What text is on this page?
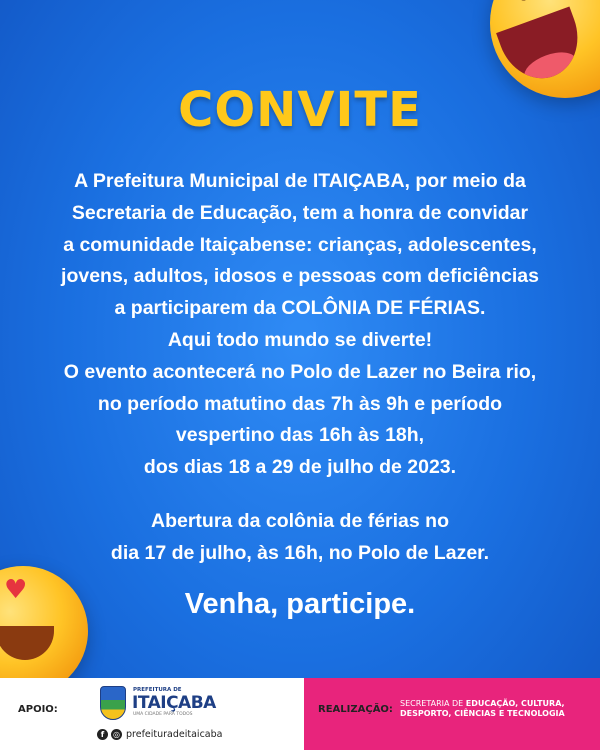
CONVITE
A Prefeitura Municipal de ITAIÇABA, por meio da
Secretaria de Educação, tem a honra de convidar
a comunidade Itaiçabense: crianças, adolescentes,
jovens, adultos, idosos e pessoas com deficiências
a participarem da COLÔNIA DE FÉRIAS.
Aqui todo mundo se diverte!
O evento acontecerá no Polo de Lazer no Beira rio,
no período matutino das 7h às 9h e período
vespertino das 16h às 18h,
dos dias 18 a 29 de julho de 2023.
Abertura da colônia de férias no
dia 17 de julho, às 16h, no Polo de Lazer.
Venha, participe.
♥
APOIO:
PREFEITURA DE
ITAIÇABA
UMA CIDADE PARA TODOS
f	◎ prefeituradeitaicaba
REALIZAÇÃO:
SECRETARIA DE EDUCAÇÃO, CULTURA,
DESPORTO, CIÊNCIAS E TECNOLOGIA
